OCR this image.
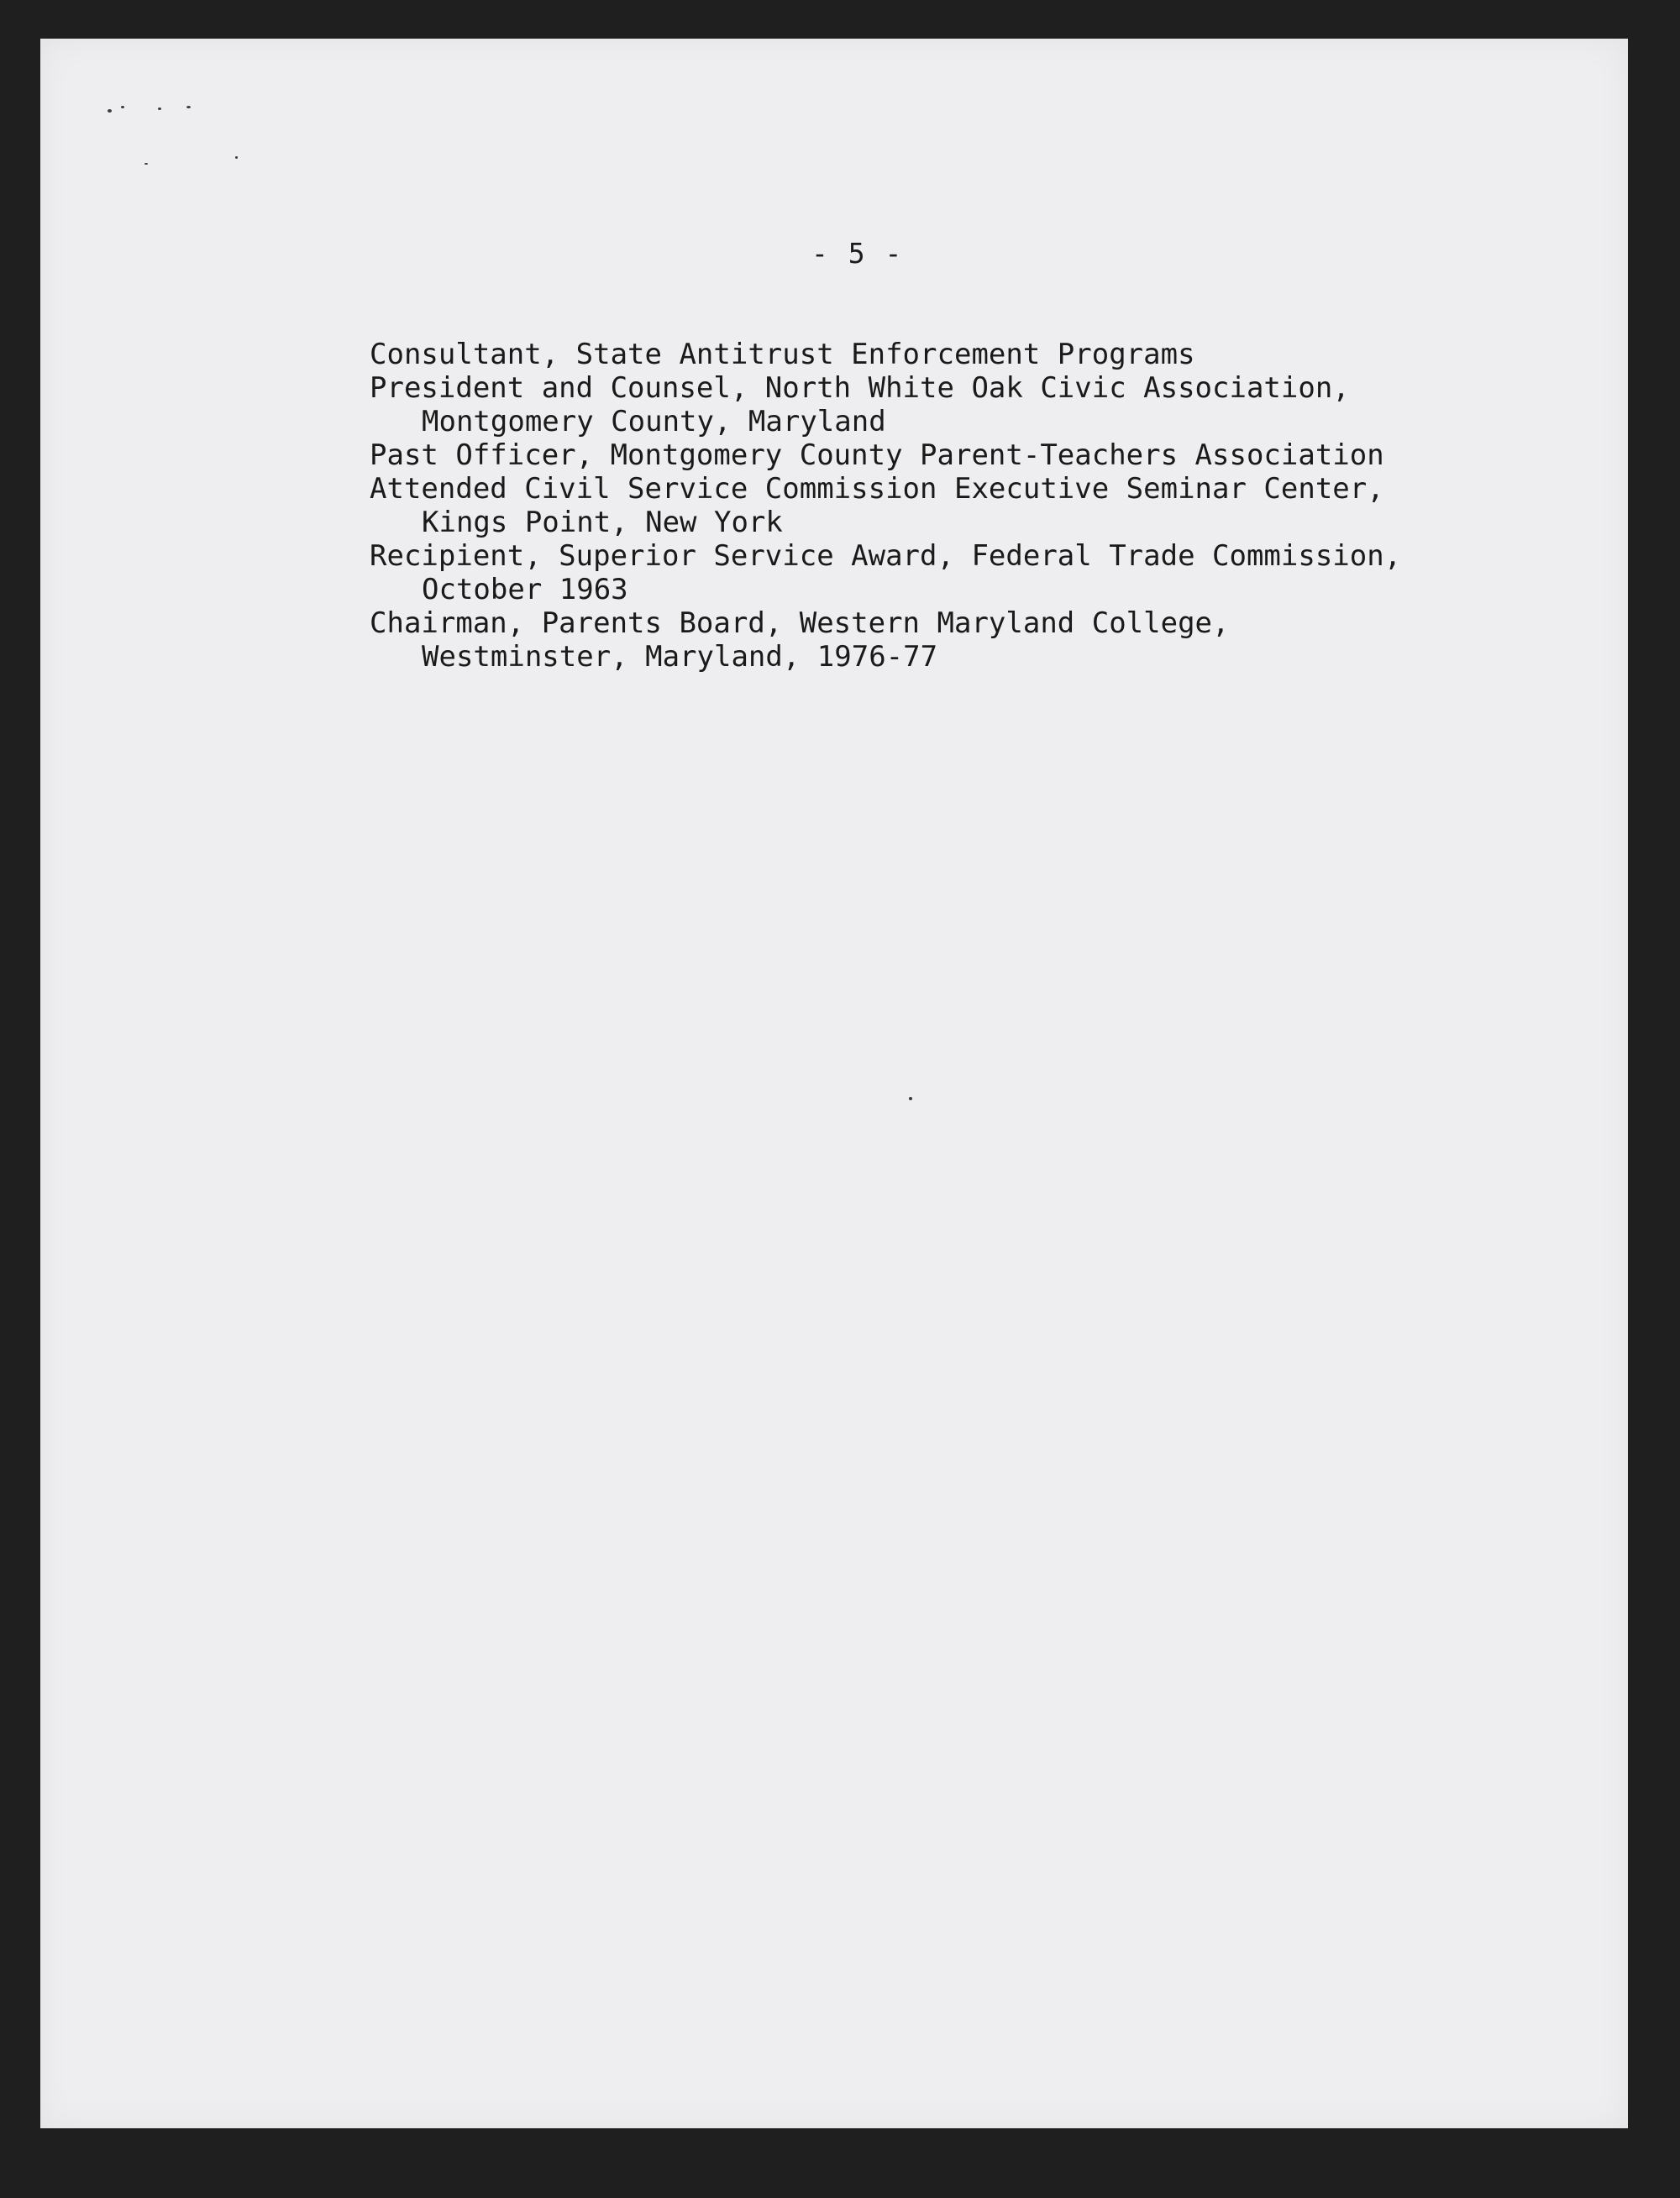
- 5 -

Consultant, State Antitrust Enforcement Programs

President and Counsel, North White Oak Civic Association,
Montgomery County, Maryland

Past Officer, Montgomery County Parent-Teachers Association

Attended Civil Service Commission Executive Seminar Center,
Kings Point, New York

Recipient, Superior Service Award, Federal Trade Commission,
October 1963

Chairman, Parents Board, Western Maryland College,
Westminster, Maryland, 1976-77
